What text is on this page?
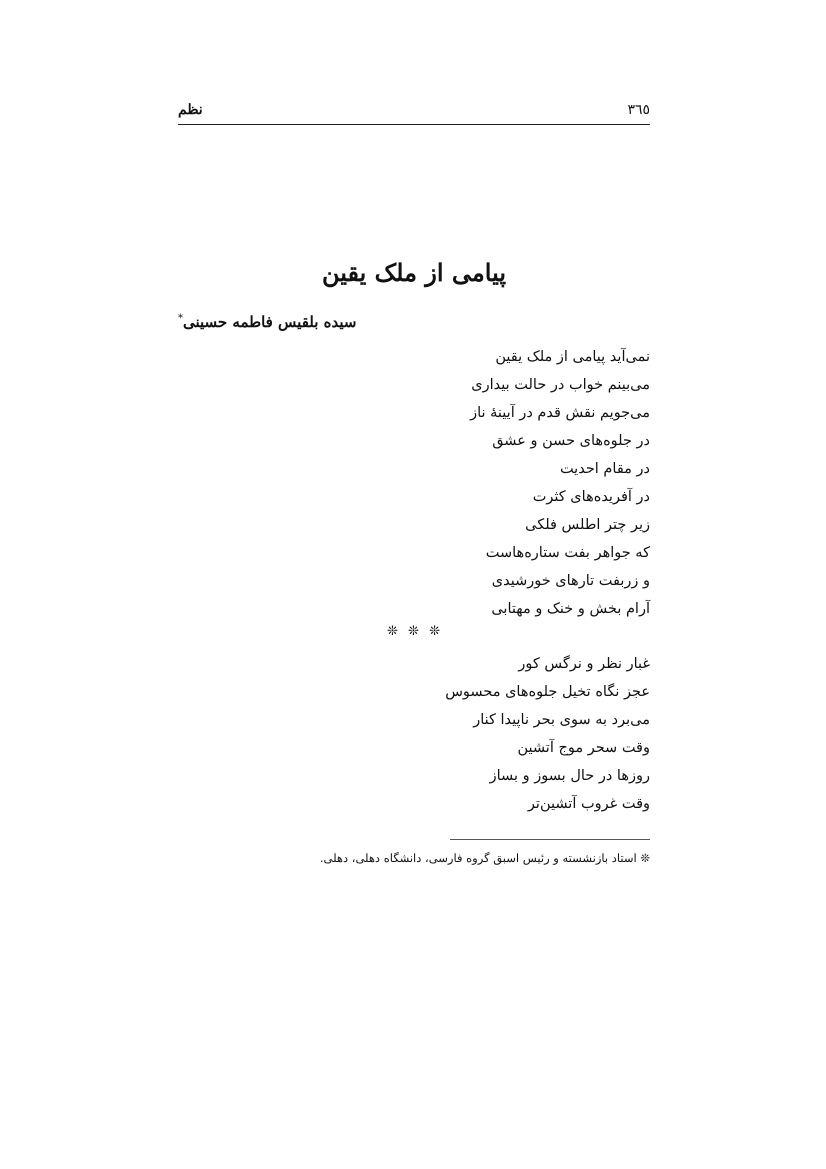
۳٦٥
نظم
پیامی از ملک یقین
سیده بلقیس فاطمه حسینی*
نمی‌آید پیامی از ملک یقین
می‌بینم خواب در حالت بیداری
می‌جویم نقش قدم در آیینهٔ ناز
در جلوه‌های حسن و عشق
در مقام احدیت
در آفریده‌های کثرت
زیر چتر اطلس فلکی
که جواهر بفت ستاره‌هاست
و زربفت تارهای خورشیدی
آرام بخش و خنک و مهتابی
❊ ❊ ❊
غبار نظر و نرگس کور
عجز نگاه تخیل جلوه‌های محسوس
می‌برد به سوی بحر ناپیدا کنار
وقت سحر موج آتشین
روزها در حال بسوز و بساز
وقت غروب آتشین‌تر
❊ استاد بازنشسته و رئیس اسبق گروه فارسی، دانشگاه دهلی، دهلی.
